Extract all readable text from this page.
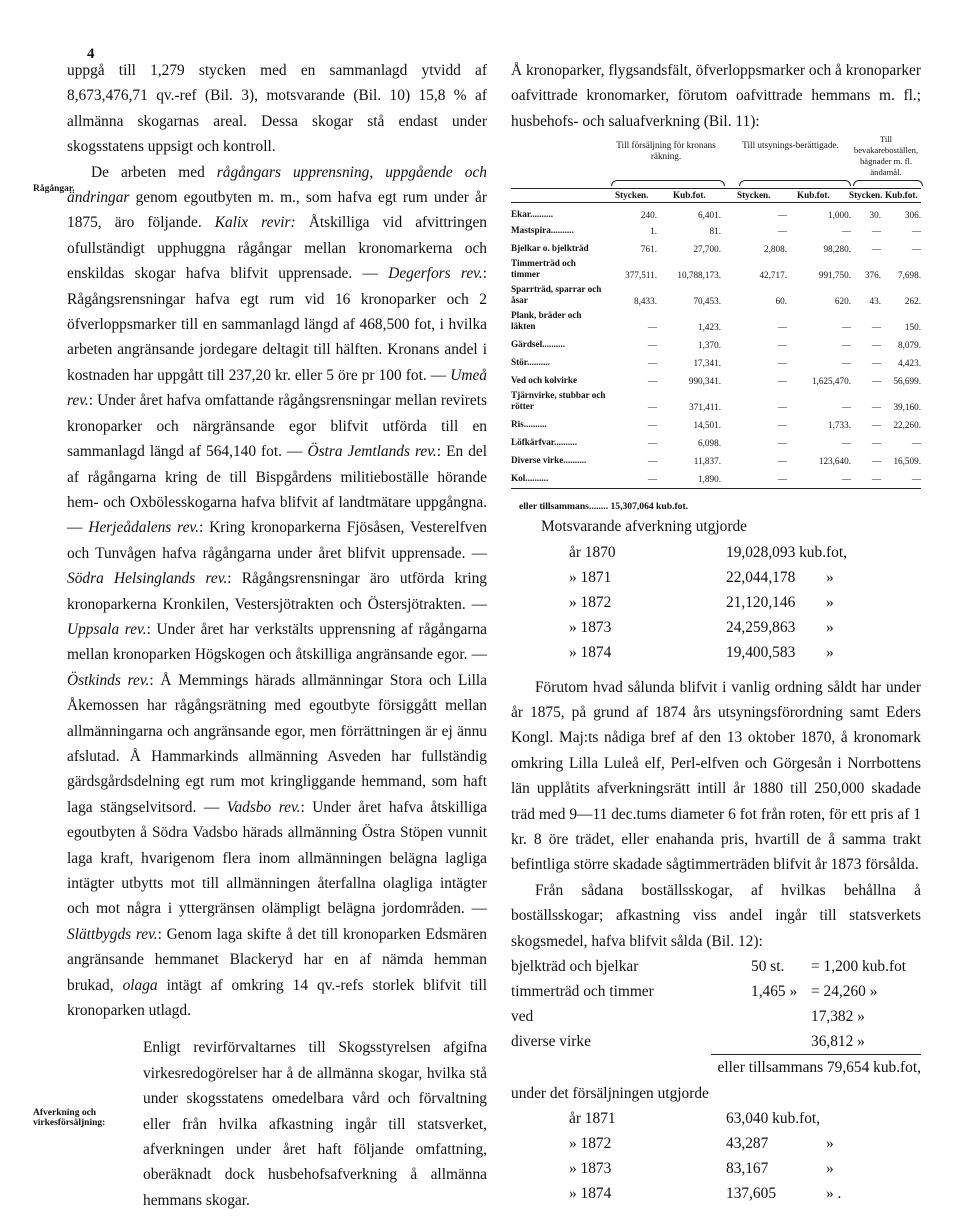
4

uppgå till 1,279 stycken med en sammanlagd ytvidd af 8,673,476,71 qv.-ref (Bil. 3), motsvarande (Bil. 10) 15,8 % af allmänna skogarnas areal. Dessa skogar stå endast under skogsstatens uppsigt och kontroll.

De arbeten med rågångars upprensning, uppgående och ändringar genom egoutbyten m. m., som hafva egt rum under år 1875, äro följande. Kalix revir: Åtskilliga vid afvittringen ofullständigt upphuggna rågångar mellan kronomarkerna och enskildas skogar hafva blifvit upprensade. — Degerfors rev.: Rågångsrensningar hafva egt rum vid 16 kronoparker och 2 öfverloppsmarker till en sammanlagd längd af 468,500 fot, i hvilka arbeten angränsande jordegare deltagit till hälften. Kronans andel i kostnaden har uppgått till 237,20 kr. eller 5 öre pr 100 fot. — Umeå rev.: Under året hafva omfattande rågångsrensningar mellan revirets kronoparker och närgränsande egor blifvit utförda till en sammanlagd längd af 564,140 fot. — Östra Jemtlands rev.: En del af rågångarna kring de till Bispgårdens militieboställe hörande hem- och Oxbölesskogarna hafva blifvit af landtmätare uppgångna. — Herjeådalens rev.: Kring kronoparkerna Fjösåsen, Vesterelfven och Tunvågen hafva rågångarna under året blifvit upprensade. — Södra Helsinglands rev.: Rågångsrensningar äro utförda kring kronoparkerna Kronkilen, Vestersjötrakten och Östersjötrakten. — Uppsala rev.: Under året har verkstälts upprensning af rågångarna mellan kronoparken Högskogen och åtskilliga angränsande egor. — Östkinds rev.: Å Memmings härads allmänningar Stora och Lilla Åkemossen har rågångsrätning med egoutbyte försiggått mellan allmänningarna och angränsande egor, men förrättningen är ej ännu afslutad. Å Hammarkinds allmänning Asveden har fullständig gärdsgårdsdelning egt rum mot kringliggande hemmand, som haft laga stängselvitsord. — Vadsbo rev.: Under året hafva åtskilliga egoutbyten å Södra Vadsbo härads allmänning Östra Stöpen vunnit laga kraft, hvarigenom flera inom allmänningen belägna lagliga intägter utbytts mot till allmänningen återfallna olagliga intägter och mot några i yttergränsen olämpligt belägna jordområden. — Slättbygds rev.: Genom laga skifte å det till kronoparken Edsmären angränsande hemmanet Blackeryd har en af nämda hemman brukad, olaga intägt af omkring 14 qv.-refs storlek blifvit till kronoparken utlagd.

Enligt revirförvaltarnes till Skogsstyrelsen afgifna virkesredogörelser har å de allmänna skogar, hvilka stå under skogsstatens omedelbara vård och förvaltning eller från hvilka afkastning ingår till statsverket, afverkningen under året haft följande omfattning, oberäknadt dock husbehofsafverkning å allmänna hemmans skogar.

Rågångar.
Afverkning och virkesförsäljning:

Å kronoparker, flygsandsfält, öfverloppsmarker och å kronoparker oafvittrade kronomarker, förutom oafvittrade hemmans m. fl.; husbehofs- och saluafverkning (Bil. 11):

Till försäljning för kronans räkning.
Till utsynings-berättigade.
Till bevakareboställen, hägnader m. fl. ändamål.
Stycken.	Kub.fot.	Stycken.	Kub.fot. Stycken. Kub.fot.
Ekar..........	240.	6,401.	—	1,000.	30.	306.
Mastspira..........	1.	81.	—	—	—	—
Bjelkar o. bjelkträd	761.	27,700.	2,808.	98,280.	—	—
Timmerträd och timmer	377,511.	10,788,173.	42,717.	991,750.	376.	7,698.
Sparrträd, sparrar och åsar	8,433.	70,453.	60.	620.	43.	262.
Plank, bräder och läkten	—	1,423.	—	—	—	150.
Gärdsel..........	—	1,370.	—	—	—	8,079.
Stör..........	—	17,341.	—	—	—	4,423.
Ved och kolvirke	—	990,341.	—	1,625,470.	—	56,699.
Tjärnvirke, stubbar och rötter	—	371,411.	—	—	—	39,160.
Ris..........	—	14,501.	—	1,733.	—	22,260.
Löfkärfvar..........	—	6,098.	—	—	—	—
Diverse virke..........	—	11,837.	—	123,640.	—	16,509.
Kol..........	—	1,890.	—	—	—	—
eller tillsammans........ 15,307,064 kub.fot.
Motsvarande afverkning utgjorde
år 1870	19,028,093 kub.fot,
» 1871	22,044,178 »
» 1872	21,120,146 »
» 1873	24,259,863 »
» 1874	19,400,583 »

Förutom hvad sålunda blifvit i vanlig ordning såldt har under år 1875, på grund af 1874 års utsyningsförordning samt Eders Kongl. Maj:ts nådiga bref af den 13 oktober 1870, å kronomark omkring Lilla Luleå elf, Perl-elfven och Görgesån i Norrbottens län upplåtits afverkningsrätt intill år 1880 till 250,000 skadade träd med 9—11 dec.tums diameter 6 fot från roten, för ett pris af 1 kr. 8 öre trädet, eller enahanda pris, hvartill de å samma trakt befintliga större skadade sågtimmerträden blifvit år 1873 försålda.

Från sådana boställsskogar, af hvilkas behållna å boställsskogar; afkastning viss andel ingår till statsverkets skogsmedel, hafva blifvit sålda (Bil. 12):

bjelkträd och bjelkar	50 st. = 1,200 kub.fot
timmerträd och timmer	1,465 » = 24,260 »
ved	17,382 »
diverse virke	36,812 »
eller tillsammans 79,654 kub.fot,
under det försäljningen utgjorde
år 1871	63,040 kub.fot,
» 1872	43,287	»
» 1873	83,167	»
» 1874	137,605	» .
